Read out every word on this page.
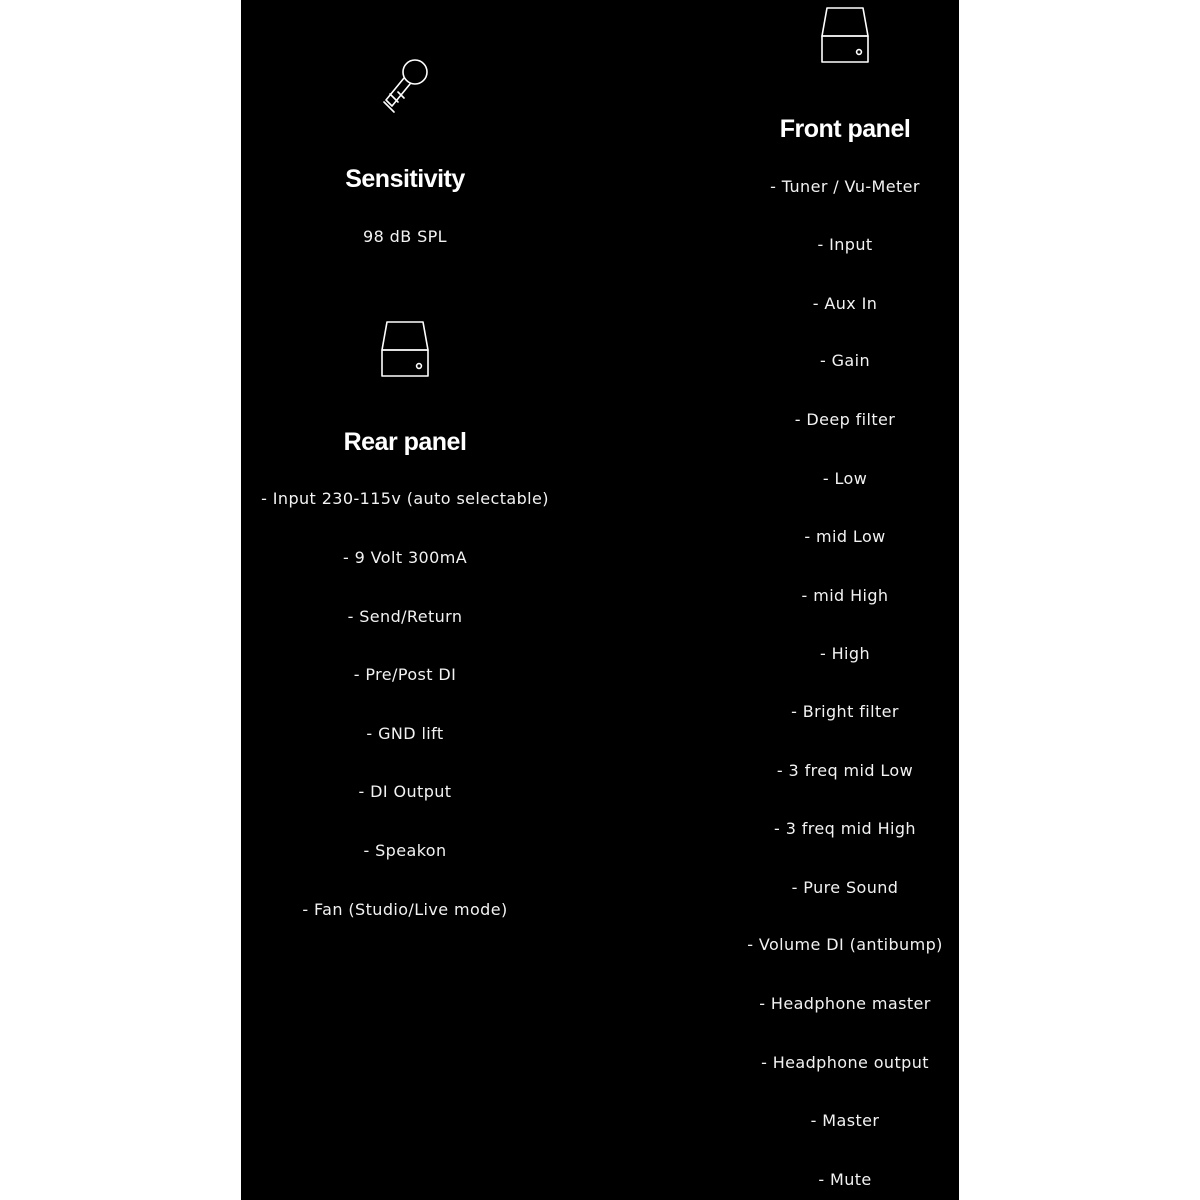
Sensitivity
98 dB SPL
Rear panel
- Input 230-115v (auto selectable)
- 9 Volt 300mA
- Send/Return
- Pre/Post DI
- GND lift
- DI Output
- Speakon
- Fan (Studio/Live mode)
Front panel
- Tuner / Vu-Meter
- Input
- Aux In
- Gain
- Deep filter
- Low
- mid Low
- mid High
- High
- Bright filter
- 3 freq mid Low
- 3 freq mid High
- Pure Sound
- Volume DI (antibump)
- Headphone master
- Headphone output
- Master
- Mute
